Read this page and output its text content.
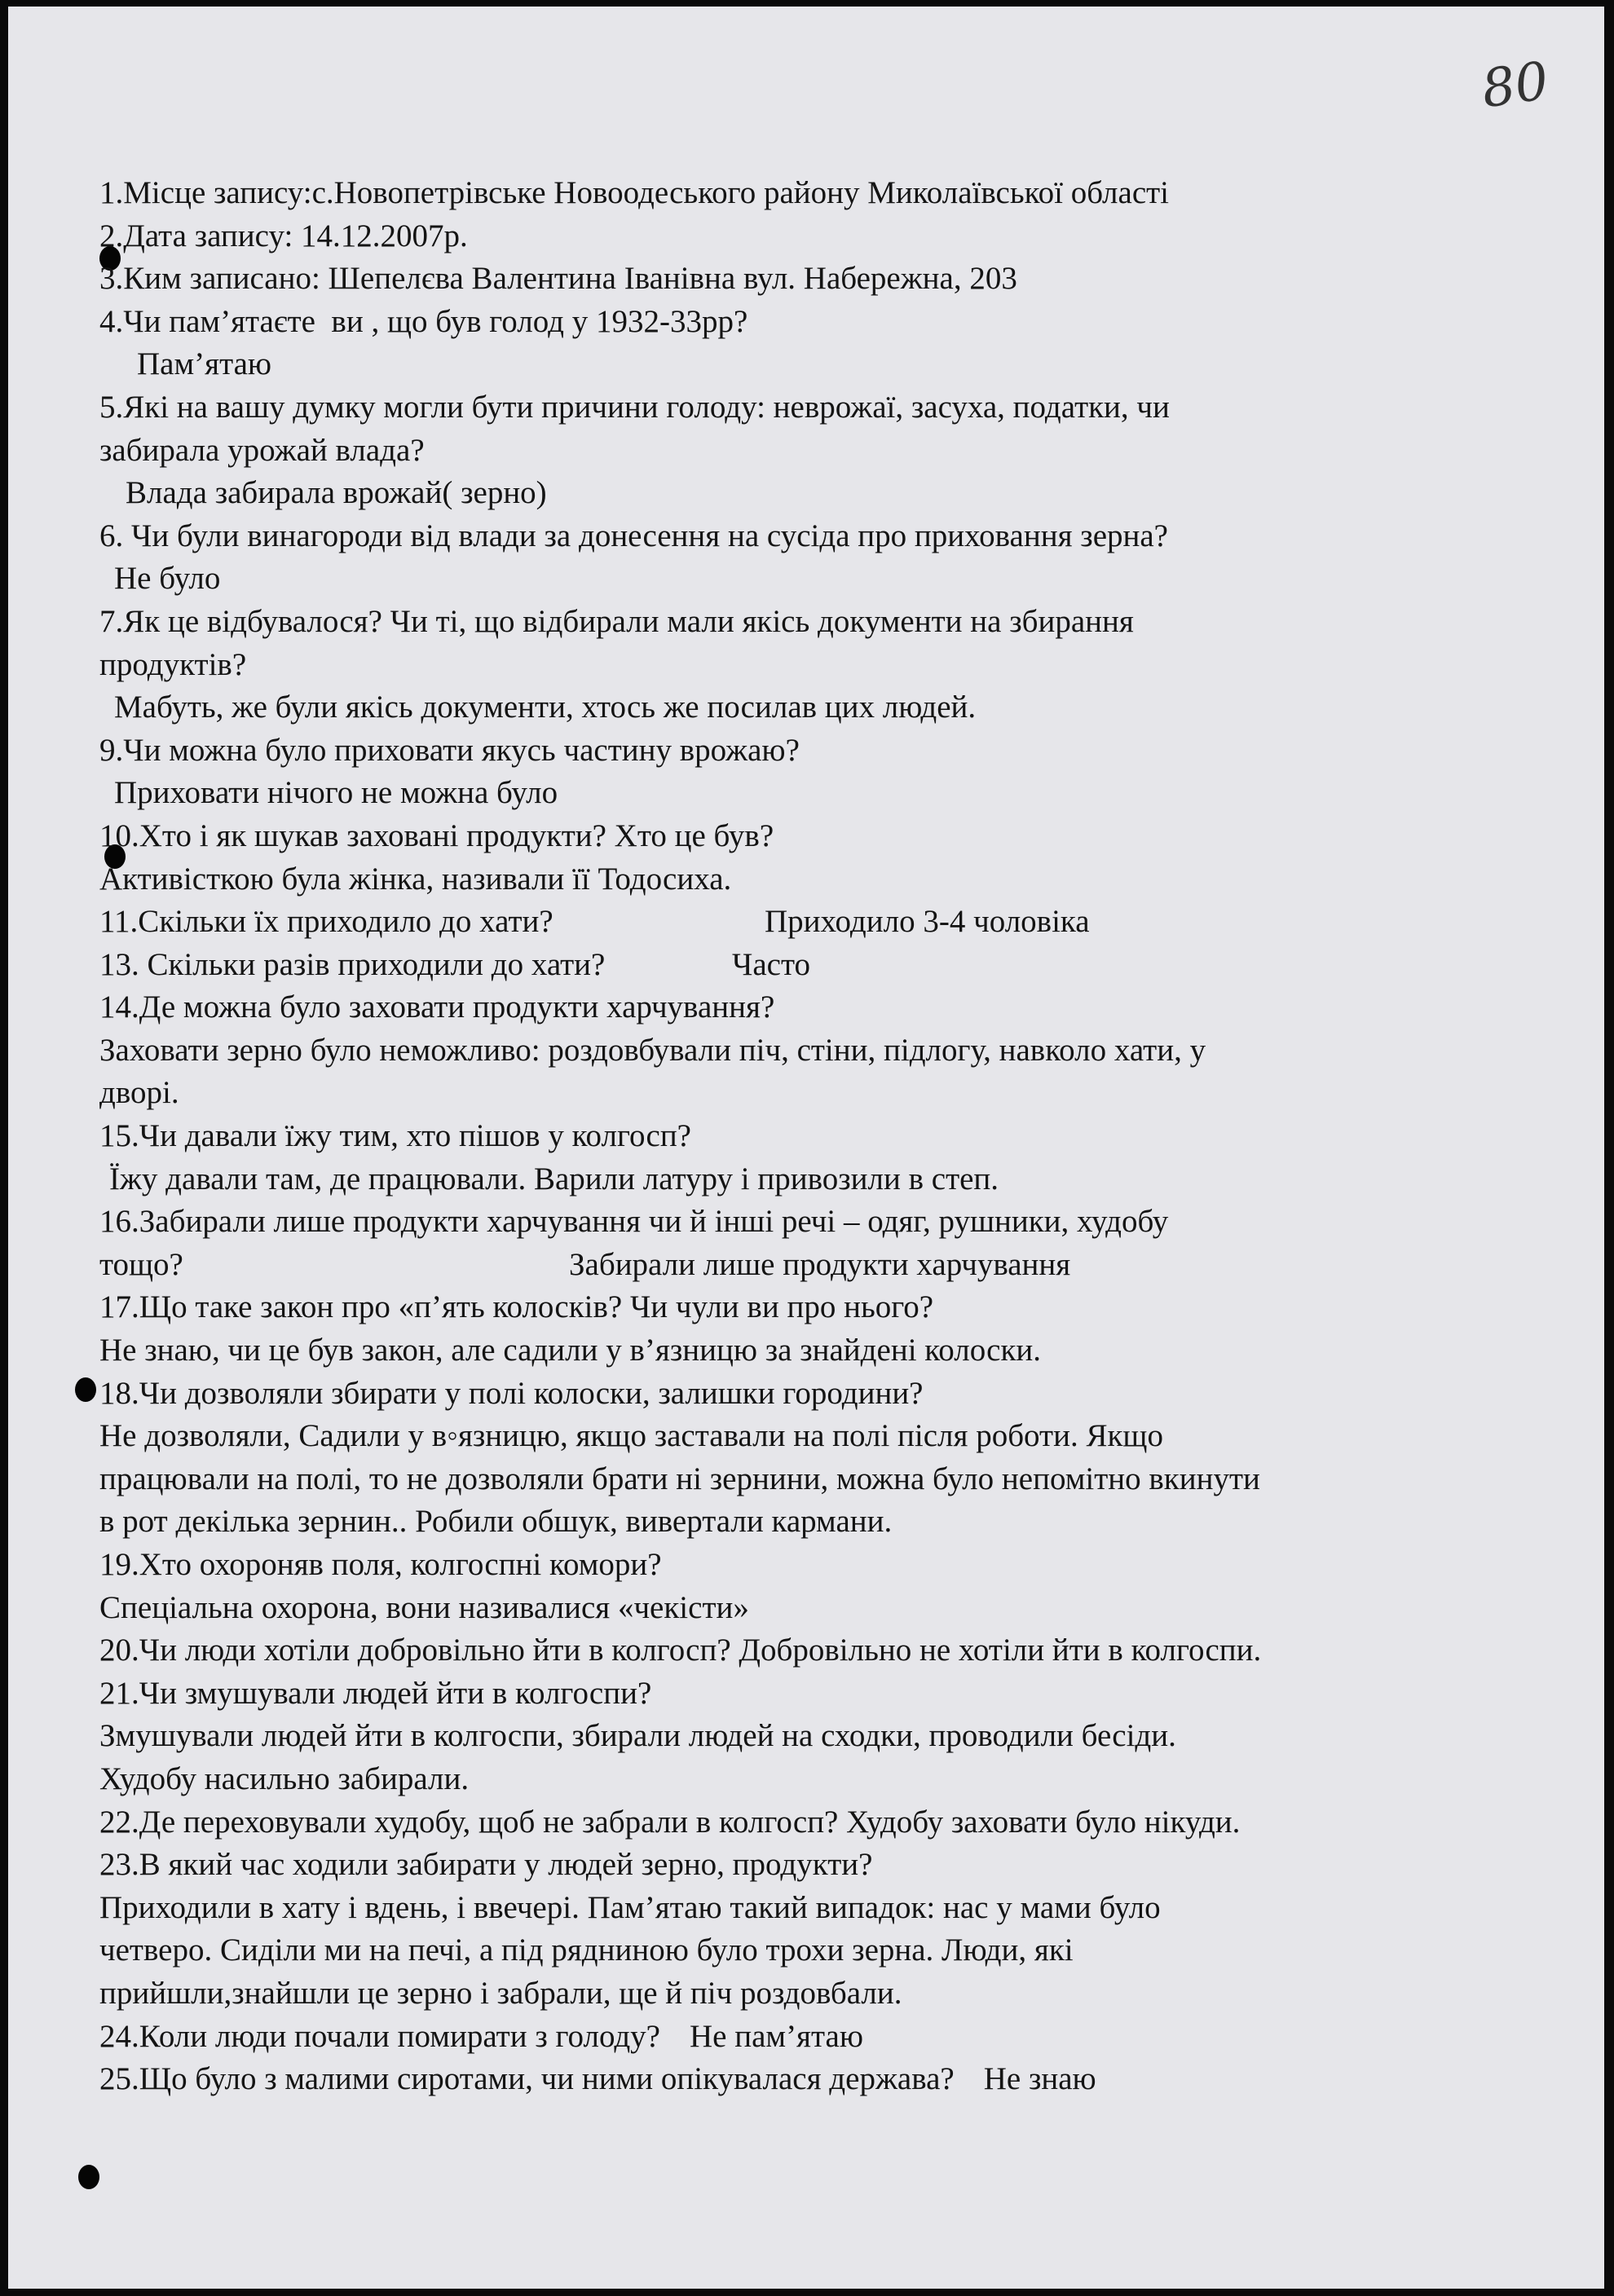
80
1.Місце запису:с.Новопетрівське Новоодеського району Миколаївської області
2.Дата запису: 14.12.2007р.
3.Ким записано: Шепелєва Валентина Іванівна вул. Набережна, 203
4.Чи пам’ятаєте  ви , що був голод у 1932-33рр?
Пам’ятаю
5.Які на вашу думку могли бути причини голоду: неврожаї, засуха, податки, чи
забирала урожай влада?
Влада забирала врожай( зерно)
6. Чи були винагороди від влади за донесення на сусіда про приховання зерна?
Не було
7.Як це відбувалося? Чи ті, що відбирали мали якісь документи на збирання
продуктів?
Мабуть, же були якісь документи, хтось же посилав цих людей.
9.Чи можна було приховати якусь частину врожаю?
Приховати нічого не можна було
10.Хто і як шукав заховані продукти? Хто це був?
Активісткою була жінка, називали її Тодосиха.
11.Скільки їх приходило до хати?	Приходило 3-4 чоловіка
13. Скільки разів приходили до хати?	Часто
14.Де можна було заховати продукти харчування?
Заховати зерно було неможливо: роздовбували піч, стіни, підлогу, навколо хати, у
дворі.
15.Чи давали їжу тим, хто пішов у колгосп?
Їжу давали там, де працювали. Варили латуру і привозили в степ.
16.Забирали лише продукти харчування чи й інші речі – одяг, рушники, худобу
тощо?	Забирали лише продукти харчування
17.Що таке закон про «п’ять колосків? Чи чули ви про нього?
Не знаю, чи це був закон, але садили у в’язницю за знайдені колоски.
18.Чи дозволяли збирати у полі колоски, залишки городини?
Не дозволяли, Садили у в◦язницю, якщо заставали на полі після роботи. Якщо
працювали на полі, то не дозволяли брати ні зернини, можна було непомітно вкинути
в рот декілька зернин.. Робили обшук, вивертали кармани.
19.Хто охороняв поля, колгоспні комори?
Спеціальна охорона, вони називалися «чекісти»
20.Чи люди хотіли добровільно йти в колгосп? Добровільно не хотіли йти в колгоспи.
21.Чи змушували людей йти в колгоспи?
Змушували людей йти в колгоспи, збирали людей на сходки, проводили бесіди.
Худобу насильно забирали.
22.Де переховували худобу, щоб не забрали в колгосп? Худобу заховати було нікуди.
23.В який час ходили забирати у людей зерно, продукти?
Приходили в хату і вдень, і ввечері. Пам’ятаю такий випадок: нас у мами було
четверо. Сиділи ми на печі, а під рядниною було трохи зерна. Люди, які
прийшли,знайшли це зерно і забрали, ще й піч роздовбали.
24.Коли люди почали помирати з голоду? Не пам’ятаю
25.Що було з малими сиротами, чи ними опікувалася держава? Не знаю
